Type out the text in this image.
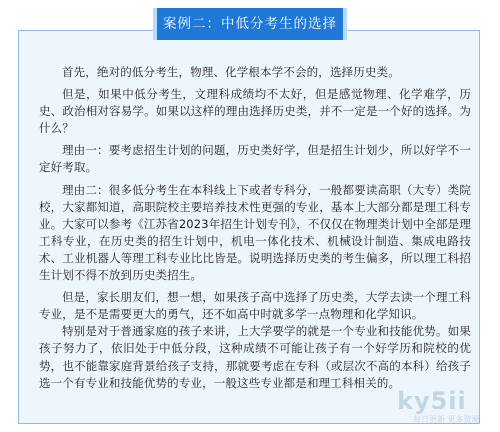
案例二：中低分考生的选择

首先，绝对的低分考生，物理、化学根本学不会的，选择历史类。

但是，如果中低分考生，文理科成绩均不太好，但是感觉物理、化学难学，历史、政治相对容易学。如果以这样的理由选择历史类，并不一定是一个好的选择。为什么？

理由一：要考虑招生计划的问题，历史类好学，但是招生计划少，所以好学不一定好考取。

理由二：很多低分考生在本科线上下或者专科分，一般都要读高职（大专）类院校，大家都知道，高职院校主要培养技术性更强的专业，基本上大部分都是理工科专业。大家可以参考《江苏省2023年招生计划专刊》，不仅仅在物理类计划中全部是理工科专业，在历史类的招生计划中，机电一体化技术、机械设计制造、集成电路技术、工业机器人等理工科专业比比皆是。说明选择历史类的考生偏多，所以理工科招生计划不得不放到历史类招生。

但是，家长朋友们，想一想，如果孩子高中选择了历史类，大学去读一个理工科专业，是不是需要更大的勇气，还不如高中时就多学一点物理和化学知识。

特别是对于普通家庭的孩子来讲，上大学要学的就是一个专业和技能优势。如果孩子努力了，依旧处于中低分段，这种成绩不可能让孩子有一个好学历和院校的优势，也不能靠家庭背景给孩子支持，那就要考虑在专科（或层次不高的本科）给孩子选一个有专业和技能优势的专业，一般这些专业都是和理工科相关的。

ky5ii
每日更新 更多资源
